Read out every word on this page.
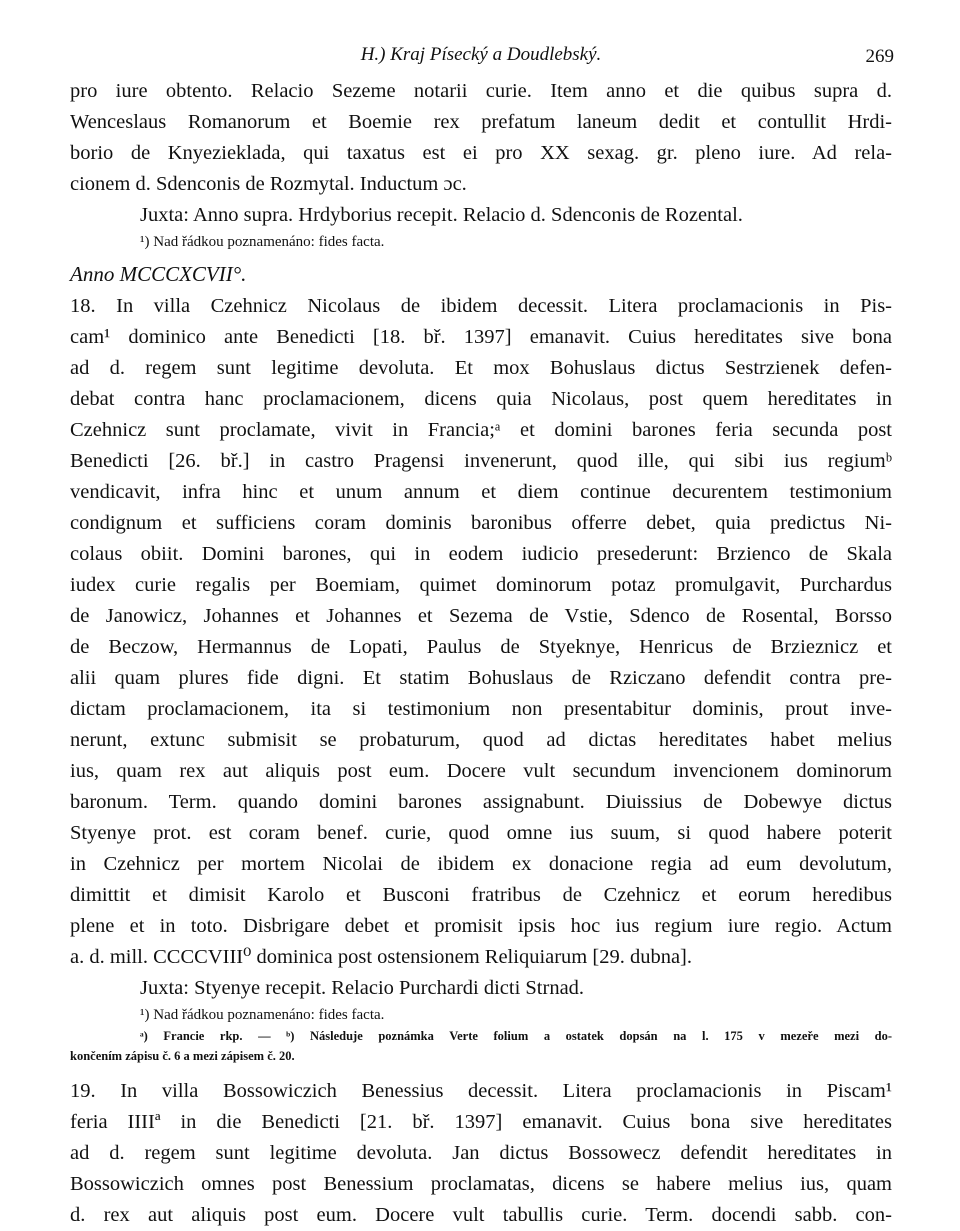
H.) Kraj Písecký a Doudlebský.	269
pro iure obtento. Relacio Sezeme notarii curie. Item anno et die quibus supra d.
Wenceslaus Romanorum et Boemie rex prefatum laneum dedit et contullit Hrdi-
borio de Knyezieklada, qui taxatus est ei pro XX sexag. gr. pleno iure. Ad rela-
cionem d. Sdenconis de Rozmytal. Inductum ɔc.
Juxta: Anno supra. Hrdyborius recepit. Relacio d. Sdenconis de Rozental.
¹) Nad řádkou poznamenáno: fides facta.
Anno MCCCXCVII°.
18. In villa Czehnicz Nicolaus de ibidem decessit. Litera proclamacionis in Pis-
cam¹ dominico ante Benedicti [18. bř. 1397] emanavit. Cuius hereditates sive bona
ad d. regem sunt legitime devoluta. Et mox Bohuslaus dictus Sestrzienek defen-
debat contra hanc proclamacionem, dicens quia Nicolaus, post quem hereditates in
Czehnicz sunt proclamate, vivit in Francia;ᵃ et domini barones feria secunda post
Benedicti [26. bř.] in castro Pragensi invenerunt, quod ille, qui sibi ius regiumᵇ
vendicavit, infra hinc et unum annum et diem continue decurentem testimonium
condignum et sufficiens coram dominis baronibus offerre debet, quia predictus Ni-
colaus obiit. Domini barones, qui in eodem iudicio presederunt: Brzienco de Skala
iudex curie regalis per Boemiam, quimet dominorum potaz promulgavit, Purchardus
de Janowicz, Johannes et Johannes et Sezema de Vstie, Sdenco de Rosental, Borsso
de Beczow, Hermannus de Lopati, Paulus de Styeknye, Henricus de Brzieznicz et
alii quam plures fide digni. Et statim Bohuslaus de Rziczano defendit contra pre-
dictam proclamacionem, ita si testimonium non presentabitur dominis, prout inve-
nerunt, extunc submisit se probaturum, quod ad dictas hereditates habet melius
ius, quam rex aut aliquis post eum. Docere vult secundum invencionem dominorum
baronum. Term. quando domini barones assignabunt. Diuissius de Dobewye dictus
Styenye prot. est coram benef. curie, quod omne ius suum, si quod habere poterit
in Czehnicz per mortem Nicolai de ibidem ex donacione regia ad eum devolutum,
dimittit et dimisit Karolo et Busconi fratribus de Czehnicz et eorum heredibus
plene et in toto. Disbrigare debet et promisit ipsis hoc ius regium iure regio. Actum
a. d. mill. CCCCVIII⁰ dominica post ostensionem Reliquiarum [29. dubna].
Juxta: Styenye recepit. Relacio Purchardi dicti Strnad.
¹) Nad řádkou poznamenáno: fides facta.
ᵃ) Francie rkp. — ᵇ) Následuje poznámka Verte folium a ostatek dopsán na l. 175 v mezeře mezi do-
končením zápisu č. 6 a mezi zápisem č. 20.
19. In villa Bossowiczich Benessius decessit. Litera proclamacionis in Piscam¹
feria IIIIª in die Benedicti [21. bř. 1397] emanavit. Cuius bona sive hereditates
ad d. regem sunt legitime devoluta. Jan dictus Bossowecz defendit hereditates in
Bossowiczich omnes post Benessium proclamatas, dicens se habere melius ius, quam
d. rex aut aliquis post eum. Docere vult tabullis curie. Term. docendi sabb. con-
